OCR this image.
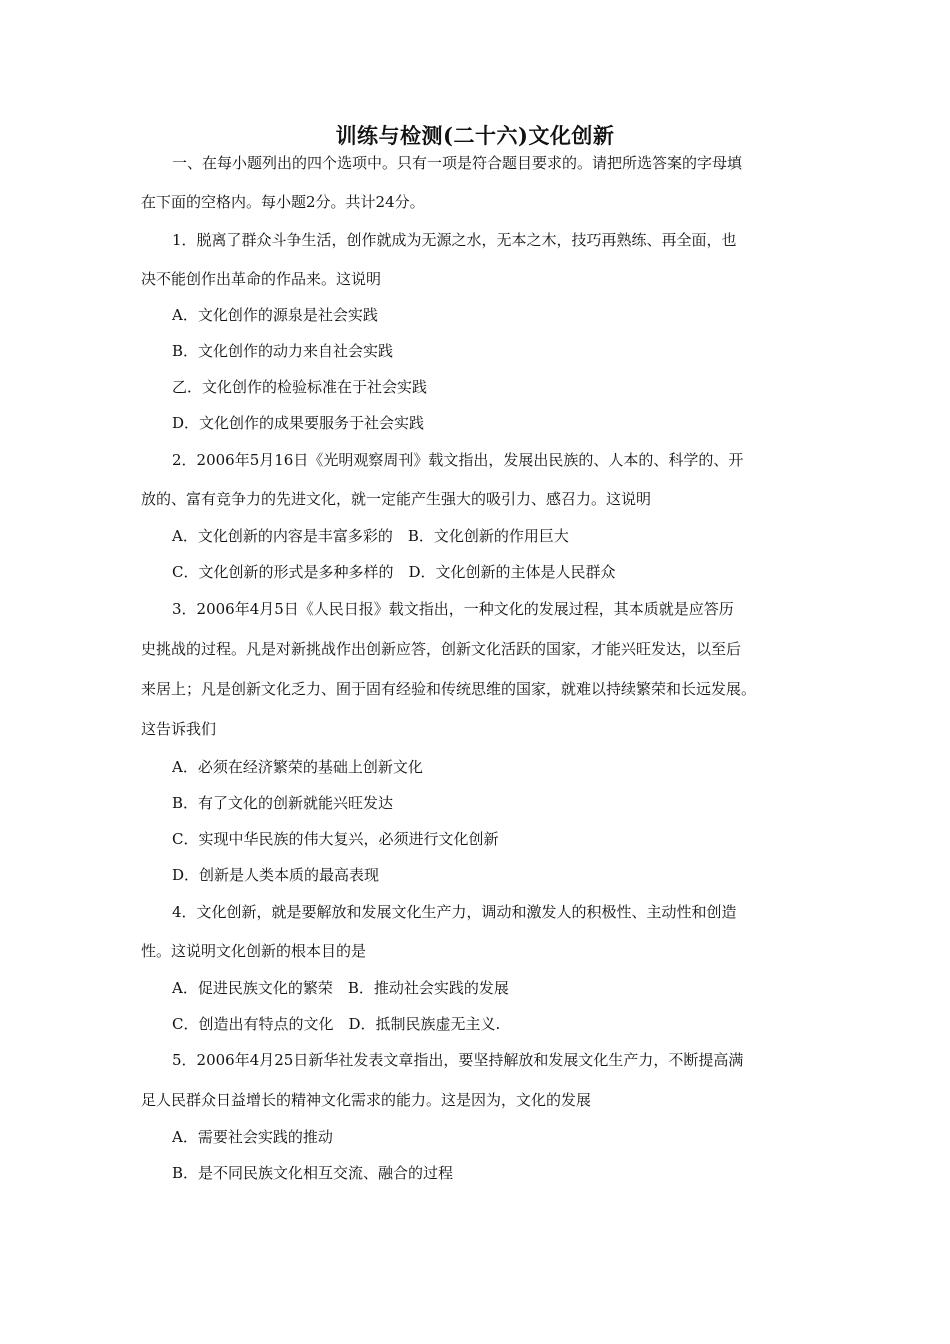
训练与检测(二十六)文化创新
一、在每小题列出的四个选项中。只有一项是符合题目要求的。请把所选答案的字母填
在下面的空格内。每小题2分。共计24分。
1．脱离了群众斗争生活，创作就成为无源之水，无本之木，技巧再熟练、再全面，也
决不能创作出革命的作品来。这说明
A．文化创作的源泉是社会实践
B．文化创作的动力来自社会实践
乙．文化创作的检验标准在于社会实践
D．文化创作的成果要服务于社会实践
2．2006年5月16日《光明观察周刊》载文指出，发展出民族的、人本的、科学的、开
放的、富有竞争力的先进文化，就一定能产生强大的吸引力、感召力。这说明
A．文化创新的内容是丰富多彩的　B．文化创新的作用巨大
C．文化创新的形式是多种多样的　D．文化创新的主体是人民群众
3．2006年4月5日《人民日报》载文指出，一种文化的发展过程，其本质就是应答历
史挑战的过程。凡是对新挑战作出创新应答，创新文化活跃的国家，才能兴旺发达，以至后
来居上；凡是创新文化乏力、囿于固有经验和传统思维的国家，就难以持续繁荣和长远发展。
这告诉我们
A．必须在经济繁荣的基础上创新文化
B．有了文化的创新就能兴旺发达
C．实现中华民族的伟大复兴，必须进行文化创新
D．创新是人类本质的最高表现
4．文化创新，就是要解放和发展文化生产力，调动和激发人的积极性、主动性和创造
性。这说明文化创新的根本目的是
A．促进民族文化的繁荣　B．推动社会实践的发展
C．创造出有特点的文化　D．抵制民族虚无主义.
5．2006年4月25日新华社发表文章指出，要坚持解放和发展文化生产力，不断提高满
足人民群众日益增长的精神文化需求的能力。这是因为，文化的发展
A．需要社会实践的推动
B．是不同民族文化相互交流、融合的过程
